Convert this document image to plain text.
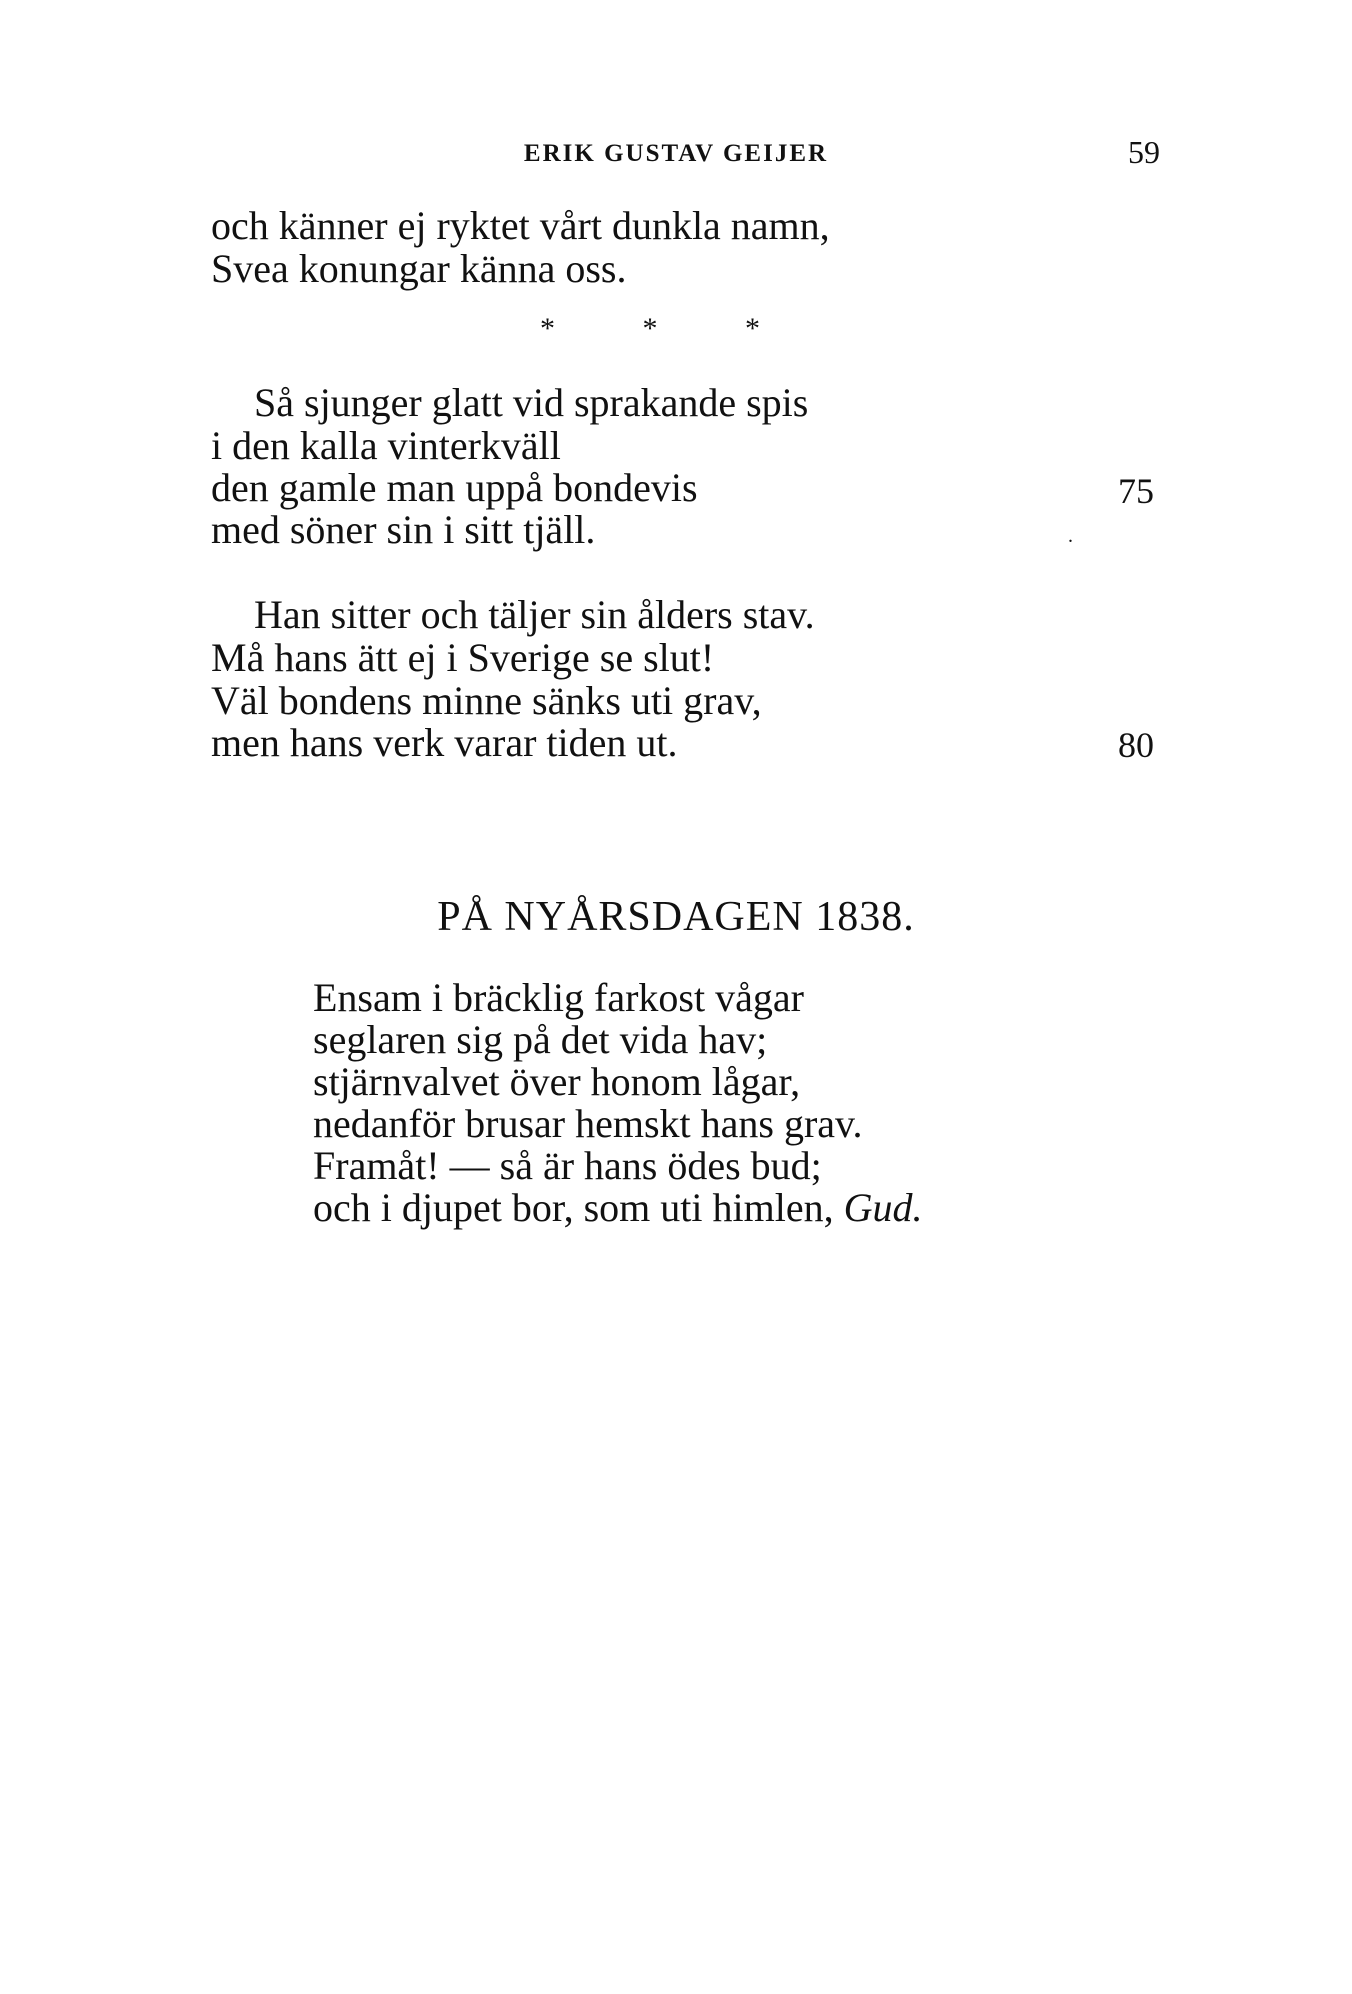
ERIK GUSTAV GEIJER	59
och känner ej ryktet vårt dunkla namn,
Svea konungar känna oss.
* * *
Så sjunger glatt vid sprakande spis
i den kalla vinterkväll
den gamle man uppå bondevis	75
med söner sin i sitt tjäll.	.
Han sitter och täljer sin ålders stav.
Må hans ätt ej i Sverige se slut!
Väl bondens minne sänks uti grav,
men hans verk varar tiden ut.	80
PÅ NYÅRSDAGEN 1838.
Ensam i bräcklig farkost vågar
seglaren sig på det vida hav;
stjärnvalvet över honom lågar,
nedanför brusar hemskt hans grav.
Framåt! — så är hans ödes bud;
och i djupet bor, som uti himlen, Gud.
